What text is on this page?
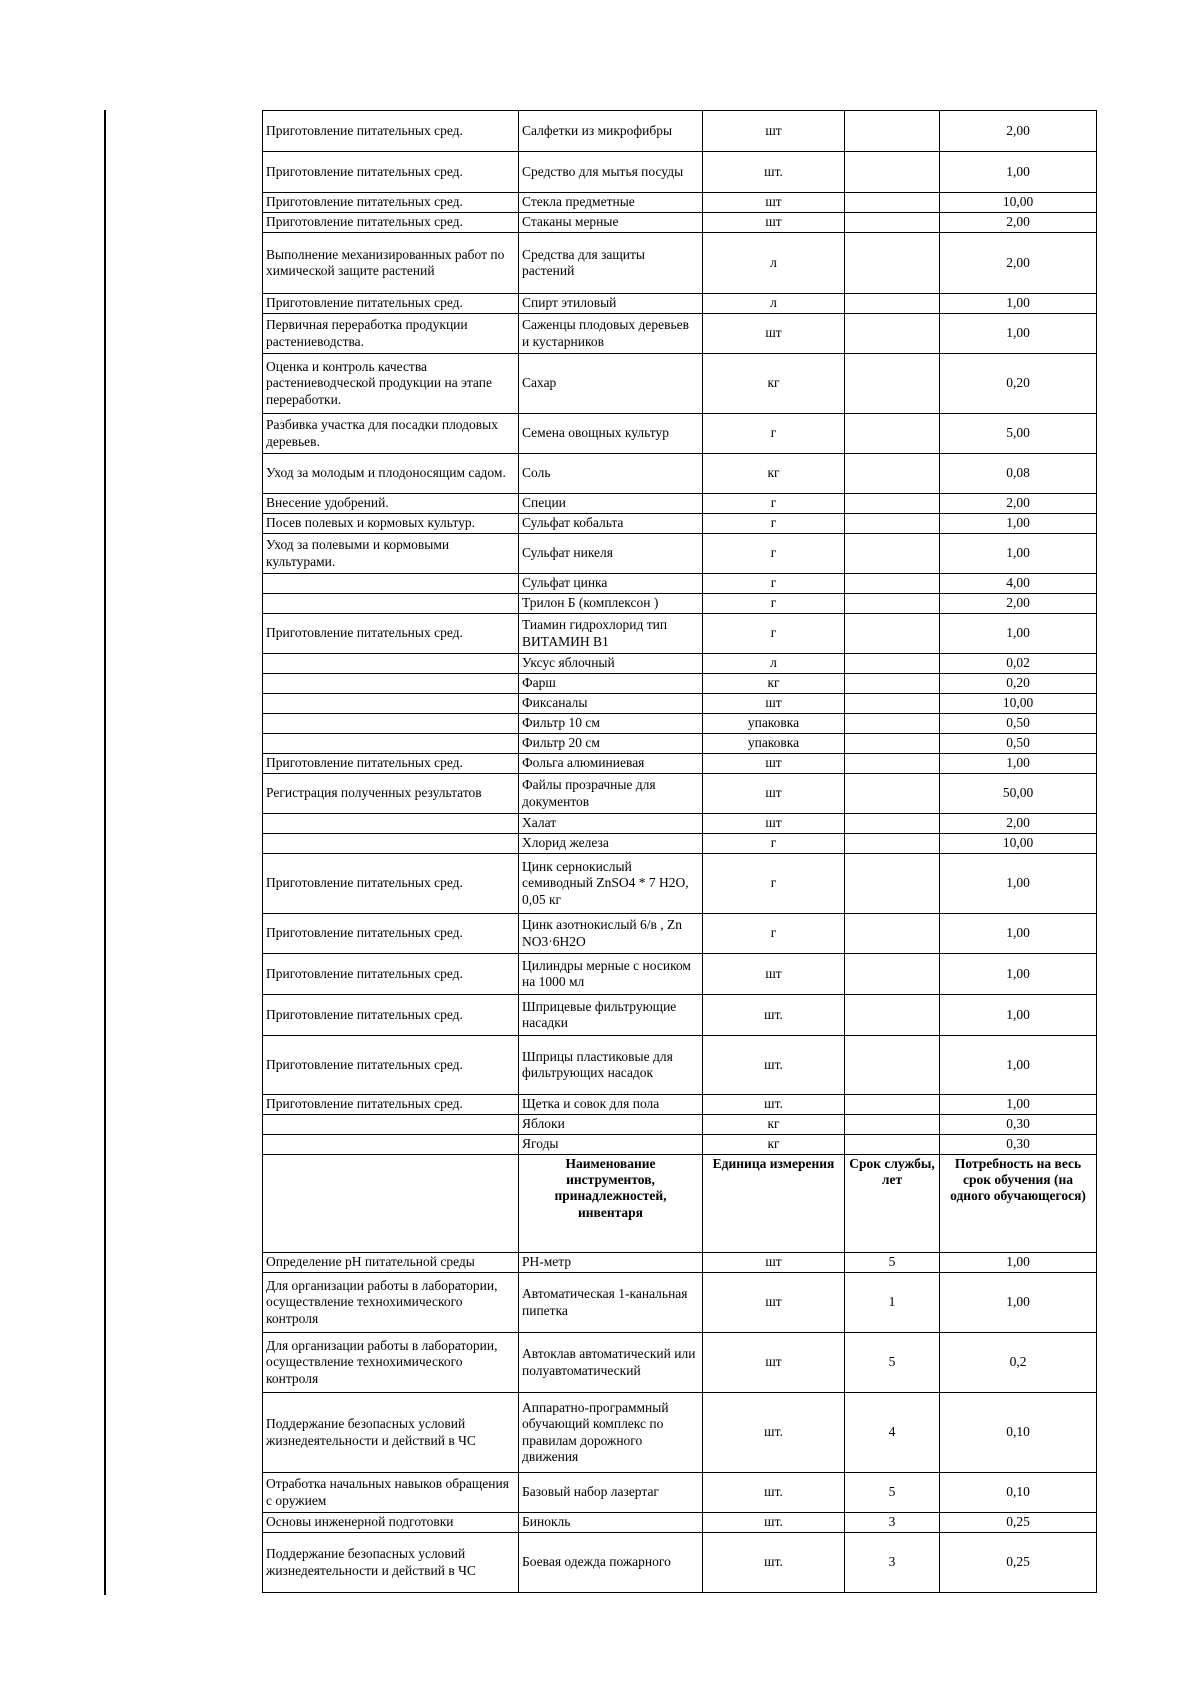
Приготовление питательных сред.	Салфетки из микрофибры	шт		2,00
Приготовление питательных сред.	Средство для мытья посуды	шт.		1,00
Приготовление питательных сред.	Стекла предметные	шт		10,00
Приготовление питательных сред.	Стаканы мерные	шт		2,00
Выполнение механизированных работ по химической защите растений	Средства для защиты растений	л		2,00
Приготовление питательных сред.	Спирт этиловый	л		1,00
Первичная переработка продукции растениеводства.	Саженцы плодовых деревьев и кустарников	шт		1,00
Оценка и контроль качества растениеводческой продукции на этапе переработки.	Сахар	кг		0,20
Разбивка участка для посадки плодовых деревьев.	Семена овощных культур	г		5,00
Уход за молодым и плодоносящим садом.	Соль	кг		0,08
Внесение удобрений.	Специи	г		2,00
Посев полевых и кормовых культур.	Сульфат кобальта	г		1,00
Уход за полевыми и кормовыми культурами.	Сульфат никеля	г		1,00
	Сульфат цинка	г		4,00
	Трилон Б (комплексон )	г		2,00
Приготовление питательных сред.	Тиамин гидрохлорид тип ВИТАМИН В1	г		1,00
	Уксус яблочный	л		0,02
	Фарш	кг		0,20
	Фиксаналы	шт		10,00
	Фильтр 10 см	упаковка		0,50
	Фильтр 20 см	упаковка		0,50
Приготовление питательных сред.	Фольга алюминиевая	шт		1,00
Регистрация полученных результатов	Файлы прозрачные для документов	шт		50,00
	Халат	шт		2,00
	Хлорид железа	г		10,00
Приготовление питательных сред.	Цинк сернокислый семиводный ZnSO4 * 7 H2O, 0,05 кг	г		1,00
Приготовление питательных сред.	Цинк азотнокислый 6/в , Zn NO3·6H2O	г		1,00
Приготовление питательных сред.	Цилиндры мерные с носиком на 1000 мл	шт		1,00
Приготовление питательных сред.	Шприцевые фильтрующие насадки	шт.		1,00
Приготовление питательных сред.	Шприцы пластиковые для фильтрующих насадок	шт.		1,00
Приготовление питательных сред.	Щетка и совок для пола	шт.		1,00
	Яблоки	кг		0,30
	Ягоды	кг		0,30
	Наименование инструментов, принадлежностей, инвентаря	Единица измерения	Срок службы, лет	Потребность на весь срок обучения (на одного обучающегося)
Определение pH питательной среды	PH-метр	шт	5	1,00
Для организации работы в лаборатории, осуществление технохимического контроля	Автоматическая 1-канальная пипетка	шт	1	1,00
Для организации работы в лаборатории, осуществление технохимического контроля	Автоклав автоматический или полуавтоматический	шт	5	0,2
Поддержание безопасных условий жизнедеятельности и действий в ЧС	Аппаратно-программный обучающий комплекс по правилам дорожного движения	шт.	4	0,10
Отработка начальных навыков обращения с оружием	Базовый набор лазертаг	шт.	5	0,10
Основы инженерной подготовки	Бинокль	шт.	3	0,25
Поддержание безопасных условий жизнедеятельности и действий в ЧС	Боевая одежда пожарного	шт.	3	0,25
